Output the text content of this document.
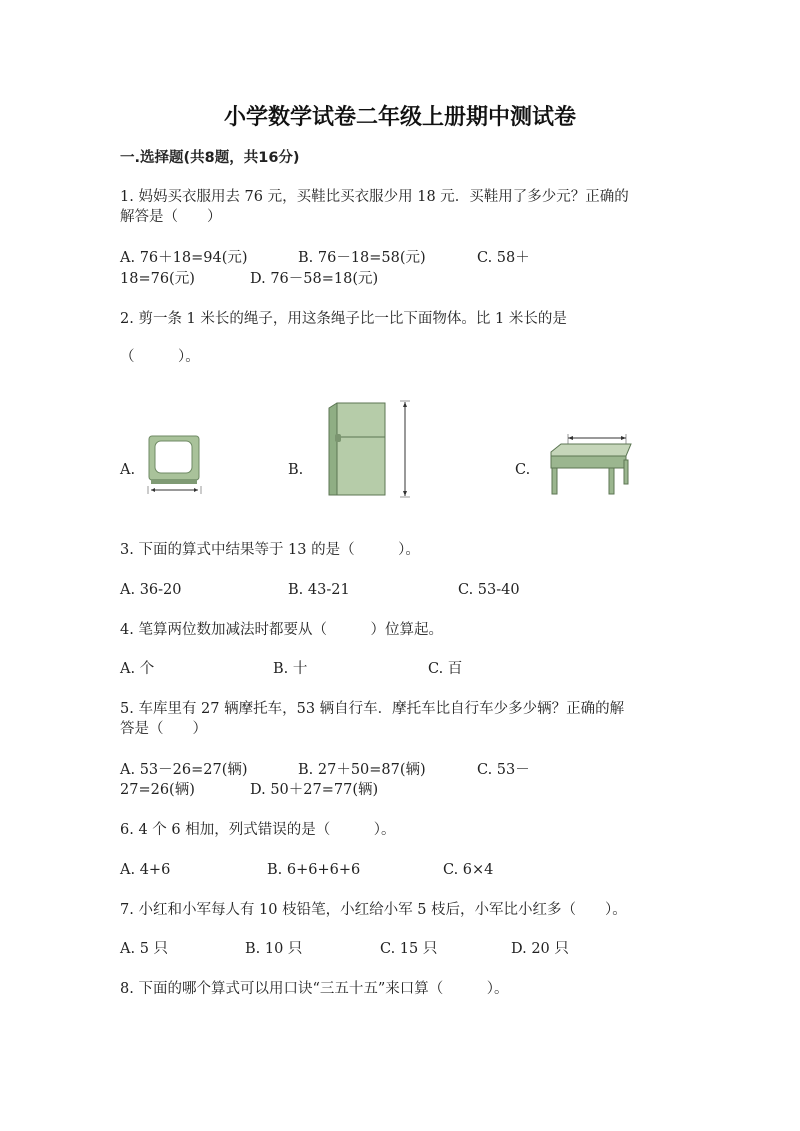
小学数学试卷二年级上册期中测试卷
一.选择题(共8题，共16分)
1. 妈妈买衣服用去 76 元，买鞋比买衣服少用 18 元．买鞋用了多少元？正确的
解答是（　　）
A. 76＋18=94(元)	B. 76－18=58(元)	C. 58＋
18=76(元)	D. 76－58=18(元)
2. 剪一条 1 米长的绳子，用这条绳子比一比下面物体。比 1 米长的是
（　　　）。
A.	B.	C.
3. 下面的算式中结果等于 13 的是（　　　）。
A. 36-20	B. 43-21	C. 53-40
4. 笔算两位数加减法时都要从（　　　）位算起。
A. 个	B. 十	C. 百
5. 车库里有 27 辆摩托车，53 辆自行车．摩托车比自行车少多少辆？正确的解
答是（　　）
A. 53－26=27(辆)	B. 27＋50=87(辆)	C. 53－
27=26(辆)	D. 50＋27=77(辆)
6. 4 个 6 相加，列式错误的是（　　　）。
A. 4+6	B. 6+6+6+6	C. 6×4
7. 小红和小军每人有 10 枝铅笔，小红给小军 5 枝后，小军比小红多（　　）。
A. 5 只	B. 10 只	C. 15 只	D. 20 只
8. 下面的哪个算式可以用口诀“三五十五”来口算（　　　）。
